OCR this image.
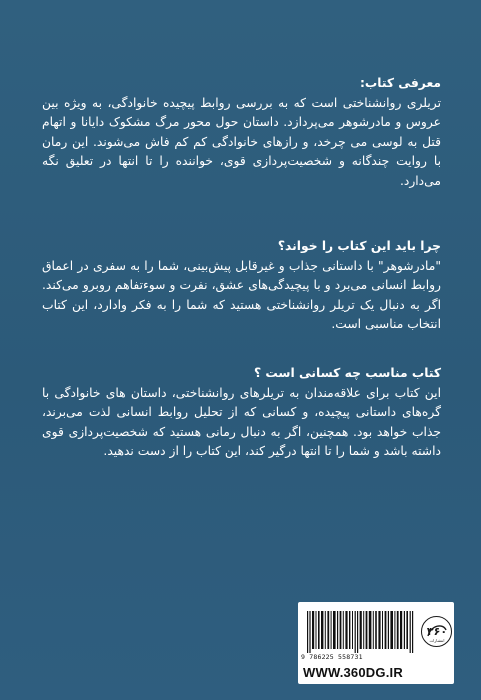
معرفی کتاب:
تریلری روانشناختی است که به بررسی روابط پیچیده خانوادگی، به ویژه بین عروس و مادرشوهر می‌پردازد. داستان حول محور مرگ مشکوک دایانا و اتهام قتل به لوسی می چرخد، و رازهای خانوادگی کم کم فاش می‌شوند. این رمان با روایت چندگانه و شخصیت‌پردازی قوی، خواننده را تا انتها در تعلیق نگه می‌دارد.
چرا باید این کتاب را خواند؟
"مادرشوهر" با داستانی جذاب و غیرقابل پیش‌بینی، شما را به سفری در اعماق روابط انسانی می‌برد و با پیچیدگی‌های عشق، نفرت و سوءتفاهم روبرو می‌کند. اگر به دنبال یک تریلر روانشناختی هستید که شما را به فکر وادارد، این کتاب انتخاب مناسبی است.
کتاب مناسب چه کسانی است ؟
این کتاب برای علاقه‌مندان به تریلرهای روانشناختی، داستان های خانوادگی با گره‌های داستانی پیچیده، و کسانی که از تحلیل روابط انسانی لذت می‌برند، جذاب خواهد بود. همچنین، اگر به دنبال رمانی هستید که شخصیت‌پردازی قوی داشته باشد و شما را تا انتها درگیر کند، این کتاب را از دست ندهید.
9 786225 558731
۳۶۰
انتشارات
WWW.360DG.IR
